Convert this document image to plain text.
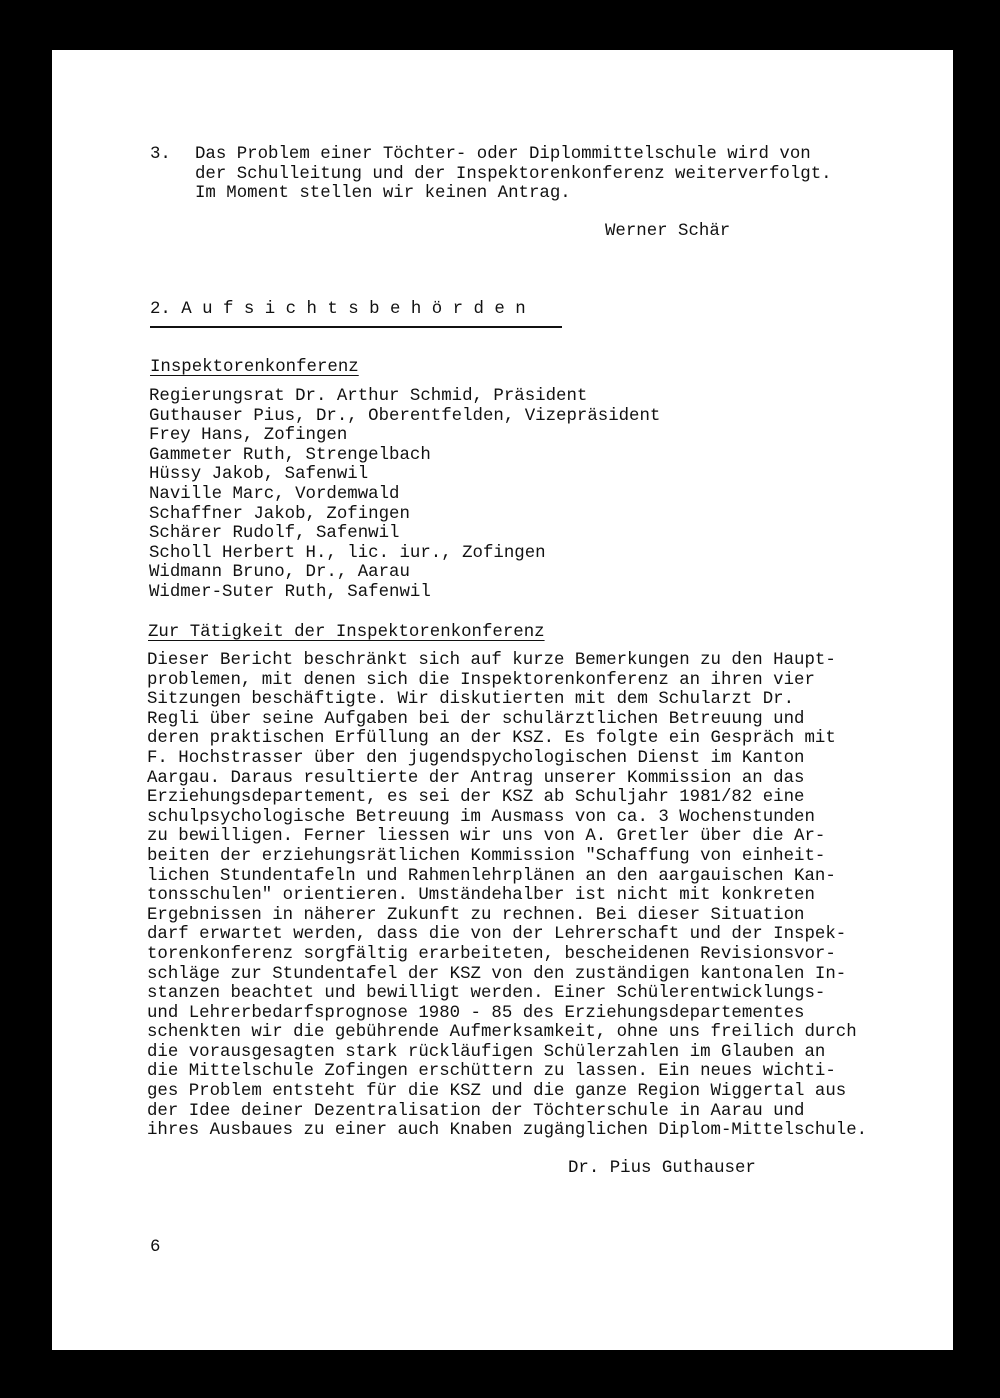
3. Das Problem einer Töchter- oder Diplommittelschule wird von
der Schulleitung und der Inspektorenkonferenz weiterverfolgt.
Im Moment stellen wir keinen Antrag.
Werner Schär
2. A u f s i c h t s b e h ö r d e n
Inspektorenkonferenz
Regierungsrat Dr. Arthur Schmid, Präsident
Guthauser Pius, Dr., Oberentfelden, Vizepräsident
Frey Hans, Zofingen
Gammeter Ruth, Strengelbach
Hüssy Jakob, Safenwil
Naville Marc, Vordemwald
Schaffner Jakob, Zofingen
Schärer Rudolf, Safenwil
Scholl Herbert H., lic. iur., Zofingen
Widmann Bruno, Dr., Aarau
Widmer-Suter Ruth, Safenwil
Zur Tätigkeit der Inspektorenkonferenz
Dieser Bericht beschränkt sich auf kurze Bemerkungen zu den Haupt-
problemen, mit denen sich die Inspektorenkonferenz an ihren vier
Sitzungen beschäftigte. Wir diskutierten mit dem Schularzt Dr.
Regli über seine Aufgaben bei der schulärztlichen Betreuung und
deren praktischen Erfüllung an der KSZ. Es folgte ein Gespräch mit
F. Hochstrasser über den jugendspychologischen Dienst im Kanton
Aargau. Daraus resultierte der Antrag unserer Kommission an das
Erziehungsdepartement, es sei der KSZ ab Schuljahr 1981/82 eine
schulpsychologische Betreuung im Ausmass von ca. 3 Wochenstunden
zu bewilligen. Ferner liessen wir uns von A. Gretler über die Ar-
beiten der erziehungsrätlichen Kommission "Schaffung von einheit-
lichen Stundentafeln und Rahmenlehrplänen an den aargauischen Kan-
tonsschulen" orientieren. Umständehalber ist nicht mit konkreten
Ergebnissen in näherer Zukunft zu rechnen. Bei dieser Situation
darf erwartet werden, dass die von der Lehrerschaft und der Inspek-
torenkonferenz sorgfältig erarbeiteten, bescheidenen Revisionsvor-
schläge zur Stundentafel der KSZ von den zuständigen kantonalen In-
stanzen beachtet und bewilligt werden. Einer Schülerentwicklungs-
und Lehrerbedarfsprognose 1980 - 85 des Erziehungsdepartementes
schenkten wir die gebührende Aufmerksamkeit, ohne uns freilich durch
die vorausgesagten stark rückläufigen Schülerzahlen im Glauben an
die Mittelschule Zofingen erschüttern zu lassen. Ein neues wichti-
ges Problem entsteht für die KSZ und die ganze Region Wiggertal aus
der Idee deiner Dezentralisation der Töchterschule in Aarau und
ihres Ausbaues zu einer auch Knaben zugänglichen Diplom-Mittelschule.
Dr. Pius Guthauser
6
